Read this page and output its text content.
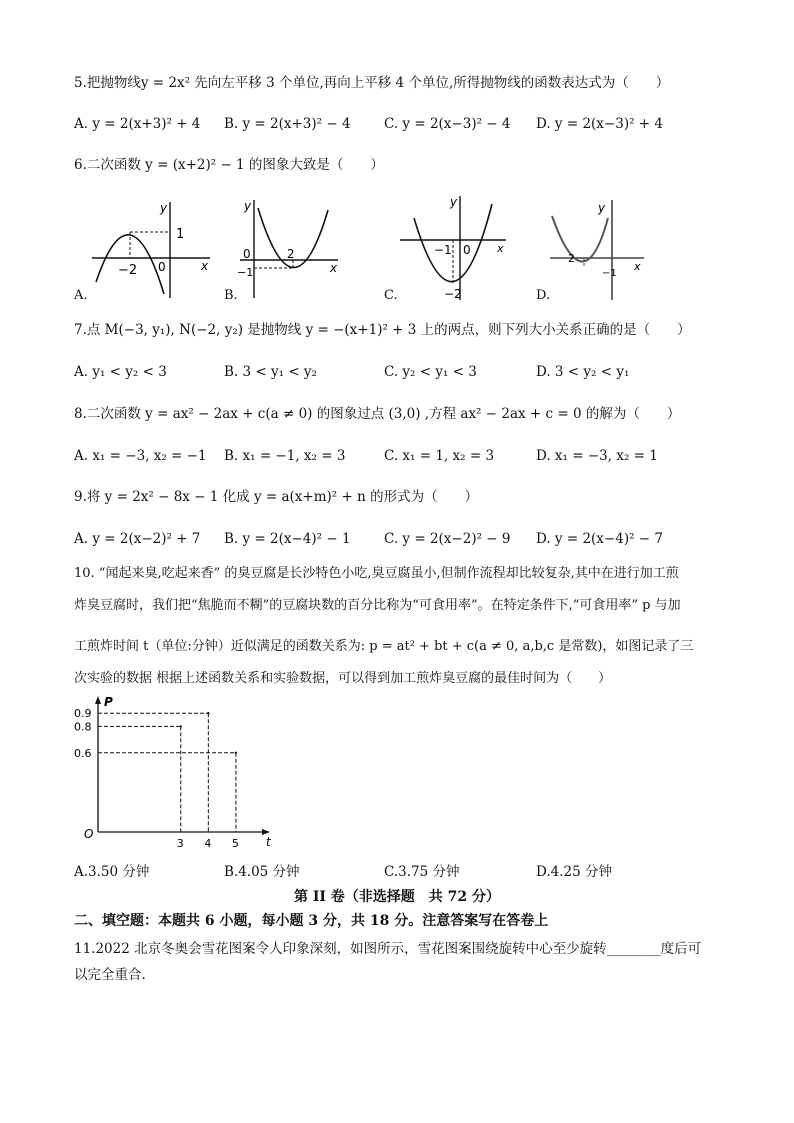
5.把抛物线y = 2x² 先向左平移 3 个单位,再向上平移 4 个单位,所得抛物线的函数表达式为（　　）
A. y = 2(x+3)² + 4 B. y = 2(x+3)² − 4 C. y = 2(x−3)² − 4 D. y = 2(x−3)² + 4
6.二次函数 y = (x+2)² − 1 的图象大致是（　　）
y
x
1
−2 0
A.
y
x
0
−1
2
B.
y
x
−1 0
−2
C.
y
x
2
−1
D.
7.点 M(−3, y₁), N(−2, y₂) 是抛物线 y = −(x+1)² + 3 上的两点，则下列大小关系正确的是（　　）
A. y₁ < y₂ < 3	B. 3 < y₁ < y₂	C. y₂ < y₁ < 3	D. 3 < y₂ < y₁
8.二次函数 y = ax² − 2ax + c(a ≠ 0) 的图象过点 (3,0) ,方程 ax² − 2ax + c = 0 的解为（　　）
A. x₁ = −3, x₂ = −1 B. x₁ = −1, x₂ = 3	C. x₁ = 1, x₂ = 3	D. x₁ = −3, x₂ = 1
9.将 y = 2x² − 8x − 1 化成 y = a(x+m)² + n 的形式为（　　）
A. y = 2(x−2)² + 7 B. y = 2(x−4)² − 1 C. y = 2(x−2)² − 9 D. y = 2(x−4)² − 7
10. “闻起来臭,吃起来香” 的臭豆腐是长沙特色小吃,臭豆腐虽小,但制作流程却比较复杂,其中在进行加工煎
炸臭豆腐时，我们把“焦脆而不糊”的豆腐块数的百分比称为“可食用率”。在特定条件下,“可食用率” p 与加
工煎炸时间 t（单位:分钟）近似满足的函数关系为: p = at² + bt + c(a ≠ 0, a,b,c 是常数)，如图记录了三
次实验的数据 根据上述函数关系和实验数据，可以得到加工煎炸臭豆腐的最佳时间为（　　）
P
t
O
3 4 5
0.9
0.8
0.6
A.3.50 分钟	B.4.05 分钟	C.3.75 分钟	D.4.25 分钟
第 II 卷（非选择题　共 72 分）
二、填空题：本题共 6 小题，每小题 3 分，共 18 分。注意答案写在答卷上
11.2022 北京冬奥会雪花图案令人印象深刻，如图所示，雪花图案围绕旋转中心至少旋转________度后可
以完全重合.
